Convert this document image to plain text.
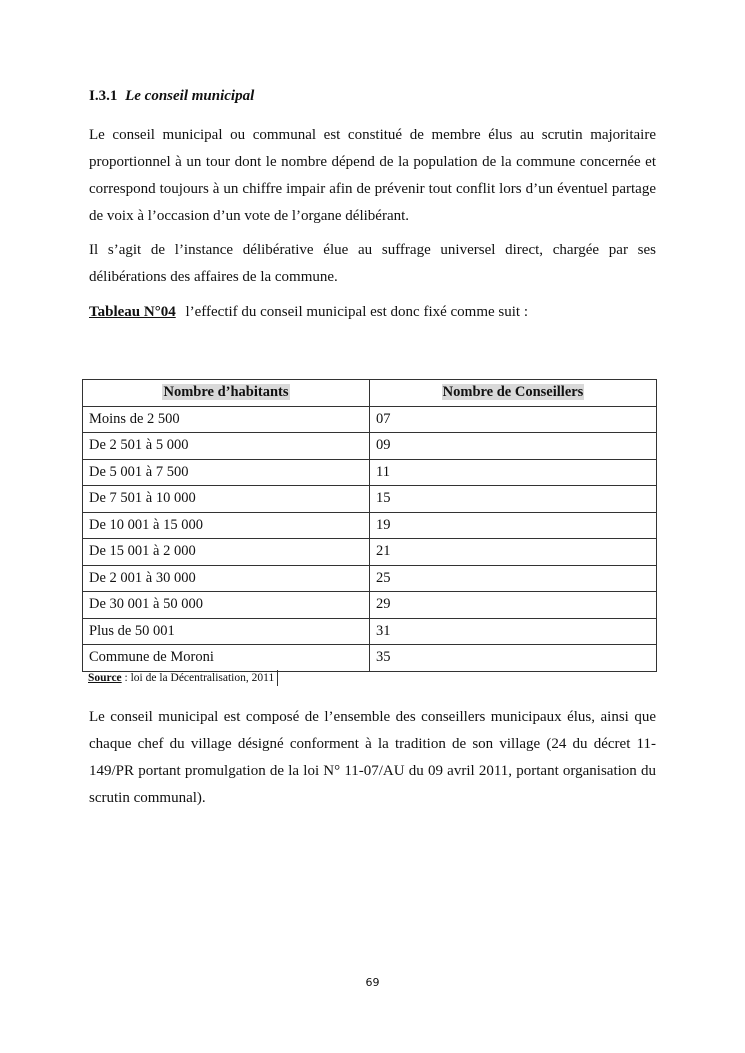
I.3.1 Le conseil municipal

Le conseil municipal ou communal est constitué de membre élus au scrutin majoritaire proportionnel à un tour dont le nombre dépend de la population de la commune concernée et correspond toujours à un chiffre impair afin de prévenir tout conflit lors d’un éventuel partage de voix à l’occasion d’un vote de l’organe délibérant.

Il s’agit de l’instance délibérative élue au suffrage universel direct, chargée par ses délibérations des affaires de la commune.

Tableau N°04 l’effectif du conseil municipal est donc fixé comme suit :
Nombre d’habitants	Nombre de Conseillers
Moins de 2 500	07
De 2 501 à 5 000	09
De 5 001 à 7 500	11
De 7 501 à 10 000	15
De 10 001 à 15 000	19
De 15 001 à 2 000	21
De 2 001 à 30 000	25
De 30 001 à 50 000	29
Plus de 50 001	31
Commune de Moroni	35
Source : loi de la Décentralisation, 2011

Le conseil municipal est composé de l’ensemble des conseillers municipaux élus, ainsi que chaque chef du village désigné conforment à la tradition de son village (24 du décret 11-149/PR portant promulgation de la loi N° 11-07/AU du 09 avril 2011, portant organisation du scrutin communal).

69
